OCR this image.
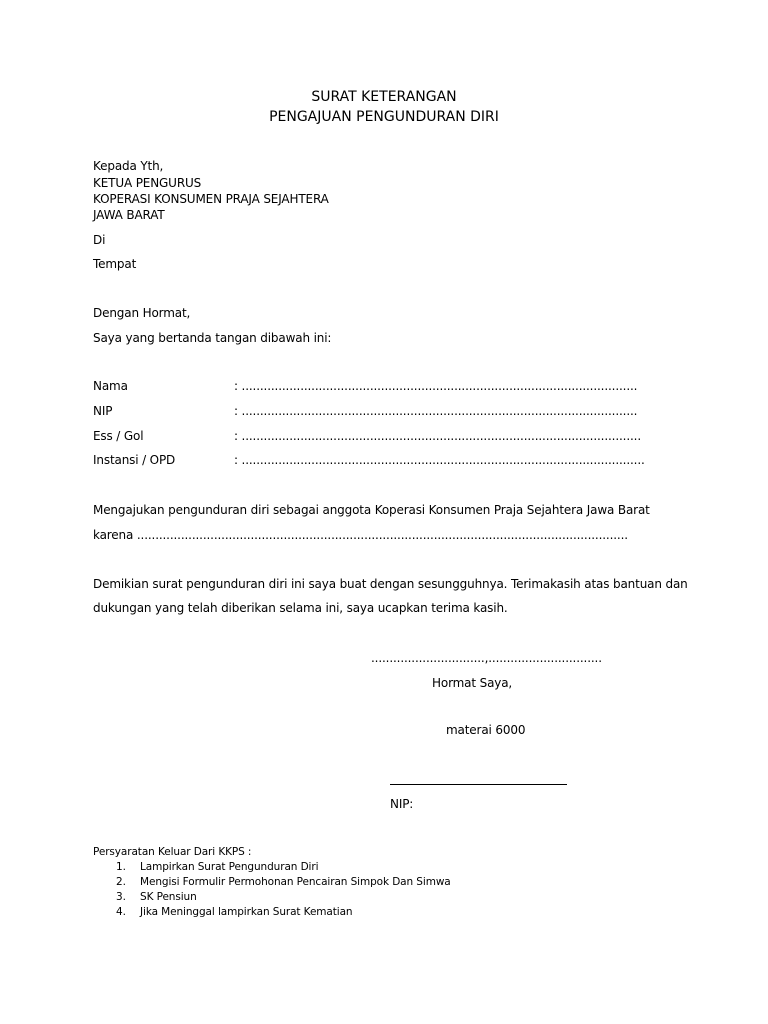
SURAT KETERANGAN
PENGAJUAN PENGUNDURAN DIRI
Kepada Yth,
KETUA PENGURUS
KOPERASI KONSUMEN PRAJA SEJAHTERA
JAWA BARAT
Di
Tempat
Dengan Hormat,
Saya yang bertanda tangan dibawah ini:
Nama	: ............................................................................................................
NIP	: ............................................................................................................
Ess / Gol	: .............................................................................................................
Instansi / OPD	: ..............................................................................................................
Mengajukan pengunduran diri sebagai anggota Koperasi Konsumen Praja Sejahtera Jawa Barat
karena ......................................................................................................................................
Demikian surat pengunduran diri ini saya buat dengan sesungguhnya. Terimakasih atas bantuan dan
dukungan yang telah diberikan selama ini, saya ucapkan terima kasih.
...............................,...............................
Hormat Saya,
materai 6000
NIP:
Persyaratan Keluar Dari KKPS :
1. Lampirkan Surat Pengunduran Diri
2. Mengisi Formulir Permohonan Pencairan Simpok Dan Simwa
3. SK Pensiun
4. Jika Meninggal lampirkan Surat Kematian
